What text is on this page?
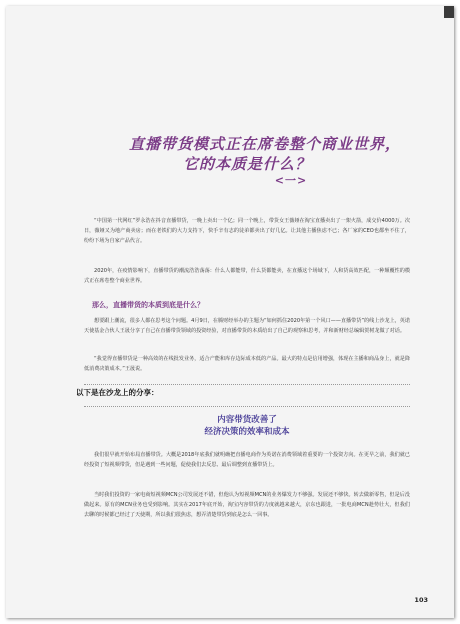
直播带货模式正在席卷整个商业世界，
它的本质是什么？
<一>

“中国第一代网红”罗永浩在抖音直播带货，一晚上卖出一个亿；同一个晚上，带货女王薇娅在淘宝直播卖出了一架火箭，成交价4000万。次日，薇娅又为地产商卖房；而在老铁们的大力支持下，快手辛有志的徒弟都卖出了好几亿。让其他主播焦虑不已；各厂家的CEO也都坐不住了，纷纷下场为自家产品代言。

2020年，在疫情影响下，直播带货的潮流浩浩荡荡：什么人都能带，什么货都能卖，在直播这个场域下，人和货高效匹配，一种颠覆性的模式正在席卷整个商业世界。

那么，直播带货的本质到底是什么？

想要跟上潮流，很多人都在思考这个问题。4月9日，在腾财经举办的主题为“如何抓住2020年第一个风口——直播带货”的线上沙龙上，英诺天使基金合伙人王晟分享了自己在直播带货领域的投资经验，对直播带货的本质给出了自己的观察和思考，并和新财经总编辑贺树龙做了对话。

“我觉得直播带货是一种高效的在线批发业务，适合产能和库存边际成本低的产品。最大的特点是信用增强，体现在主播和商品身上，就是降低消费决策成本。”王晟说。

以下是在沙龙上的分享：
内容带货改善了
经济决策的效率和成本

我们很早就开始布局直播带货。大概是2018年底我们就明确把直播电商作为英诺在消费领域着重要的一个投资方向。在更早之前，我们就已经投资了短视频带货，但是遇到一些问题，促使我们去反思、最后调整到直播带货上。

当时我们投资的一家电商短视频MCN公司发展还不错，但他认为短视频MCN的业务爆发力不够强。发展还不够快。转去做新零售，但是后没做起来。原有的MCN业务也受到影响。其实在2017年底开始，淘宝内容带货的力度就越来越大，京东也跟进，一批电商MCN趁势壮大，但我们去聊的时候都已经过了天使期，所以我们很焦虑，想弄清楚带货到底是怎么一回事。

103
